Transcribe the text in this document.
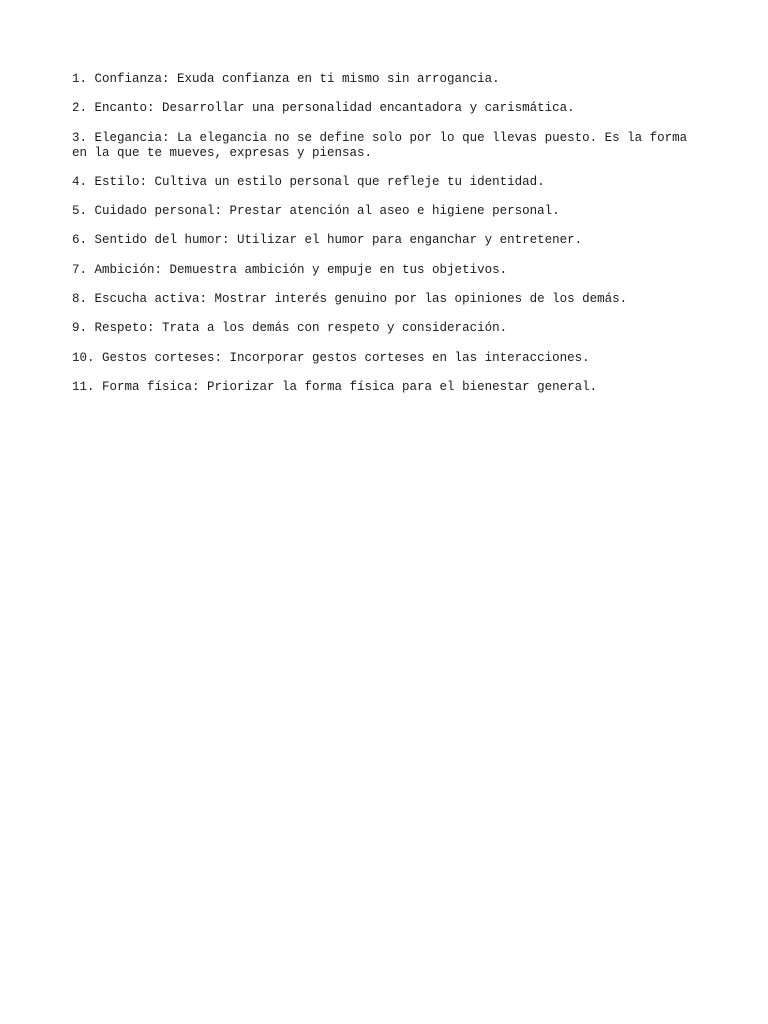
1. Confianza: Exuda confianza en ti mismo sin arrogancia.
2. Encanto: Desarrollar una personalidad encantadora y carismática.
3. Elegancia: La elegancia no se define solo por lo que llevas puesto. Es la forma en la que te mueves, expresas y piensas.
4. Estilo: Cultiva un estilo personal que refleje tu identidad.
5. Cuidado personal: Prestar atención al aseo e higiene personal.
6. Sentido del humor: Utilizar el humor para enganchar y entretener.
7. Ambición: Demuestra ambición y empuje en tus objetivos.
8. Escucha activa: Mostrar interés genuino por las opiniones de los demás.
9. Respeto: Trata a los demás con respeto y consideración.
10. Gestos corteses: Incorporar gestos corteses en las interacciones.
11. Forma física: Priorizar la forma física para el bienestar general.
